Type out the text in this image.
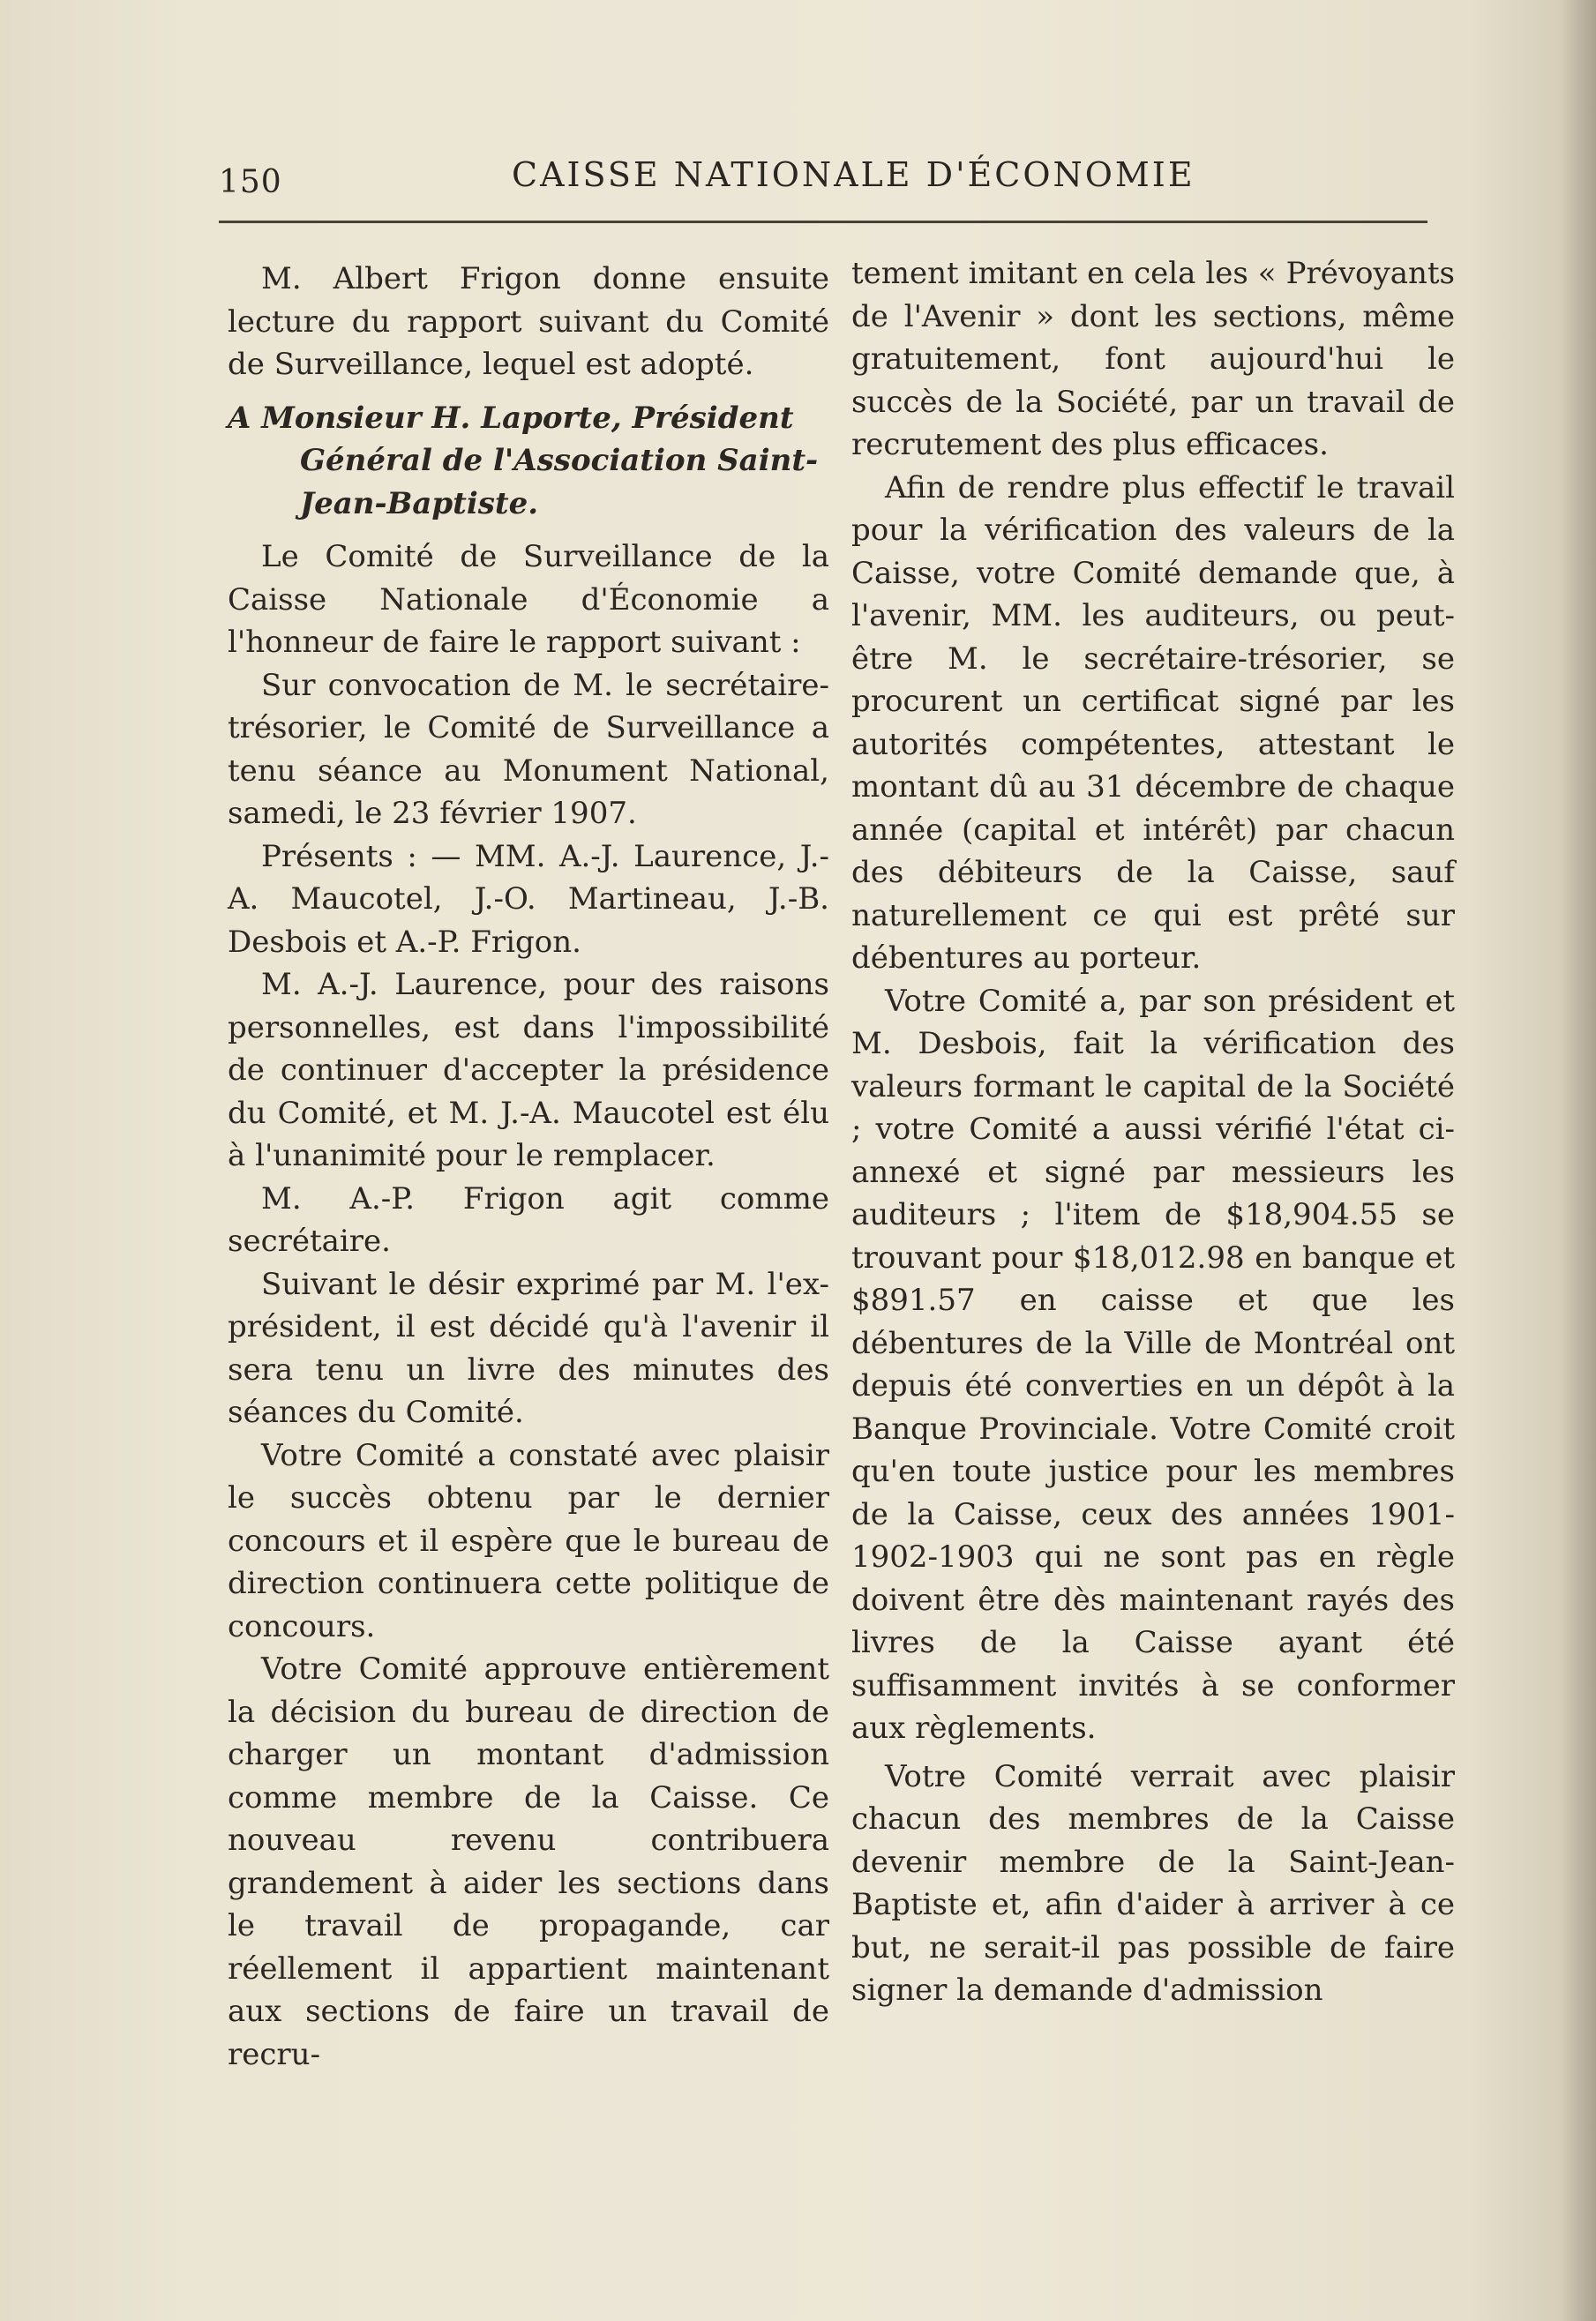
150	CAISSE NATIONALE D'ÉCONOMIE

M. Albert Frigon donne ensuite lecture du rapport suivant du Comité de Surveillance, lequel est adopté.

A Monsieur H. Laporte, Président Général de l'Association Saint-Jean-Baptiste.

Le Comité de Surveillance de la Caisse Nationale d'Économie a l'honneur de faire le rapport suivant :

Sur convocation de M. le secrétaire-trésorier, le Comité de Surveillance a tenu séance au Monument National, samedi, le 23 février 1907.

Présents : — MM. A.-J. Laurence, J.-A. Maucotel, J.-O. Martineau, J.-B. Desbois et A.-P. Frigon.

M. A.-J. Laurence, pour des raisons personnelles, est dans l'impossibilité de continuer d'accepter la présidence du Comité, et M. J.-A. Maucotel est élu à l'unanimité pour le remplacer.

M. A.-P. Frigon agit comme secrétaire.

Suivant le désir exprimé par M. l'ex-président, il est décidé qu'à l'avenir il sera tenu un livre des minutes des séances du Comité.

Votre Comité a constaté avec plaisir le succès obtenu par le dernier concours et il espère que le bureau de direction continuera cette politique de concours.

Votre Comité approuve entièrement la décision du bureau de direction de charger un montant d'admission comme membre de la Caisse. Ce nouveau revenu contribuera grandement à aider les sections dans le travail de propagande, car réellement il appartient maintenant aux sections de faire un travail de recru-

tement imitant en cela les « Prévoyants de l'Avenir » dont les sections, même gratuitement, font aujourd'hui le succès de la Société, par un travail de recrutement des plus efficaces.

Afin de rendre plus effectif le travail pour la vérification des valeurs de la Caisse, votre Comité demande que, à l'avenir, MM. les auditeurs, ou peut-être M. le secrétaire-trésorier, se procurent un certificat signé par les autorités compétentes, attestant le montant dû au 31 décembre de chaque année (capital et intérêt) par chacun des débiteurs de la Caisse, sauf naturellement ce qui est prêté sur débentures au porteur.

Votre Comité a, par son président et M. Desbois, fait la vérification des valeurs formant le capital de la Société ; votre Comité a aussi vérifié l'état ci-annexé et signé par messieurs les auditeurs ; l'item de $18,904.55 se trouvant pour $18,012.98 en banque et $891.57 en caisse et que les débentures de la Ville de Montréal ont depuis été converties en un dépôt à la Banque Provinciale. Votre Comité croit qu'en toute justice pour les membres de la Caisse, ceux des années 1901-1902-1903 qui ne sont pas en règle doivent être dès maintenant rayés des livres de la Caisse ayant été suffisamment invités à se conformer aux règlements.

Votre Comité verrait avec plaisir chacun des membres de la Caisse devenir membre de la Saint-Jean-Baptiste et, afin d'aider à arriver à ce but, ne serait-il pas possible de faire signer la demande d'admission
